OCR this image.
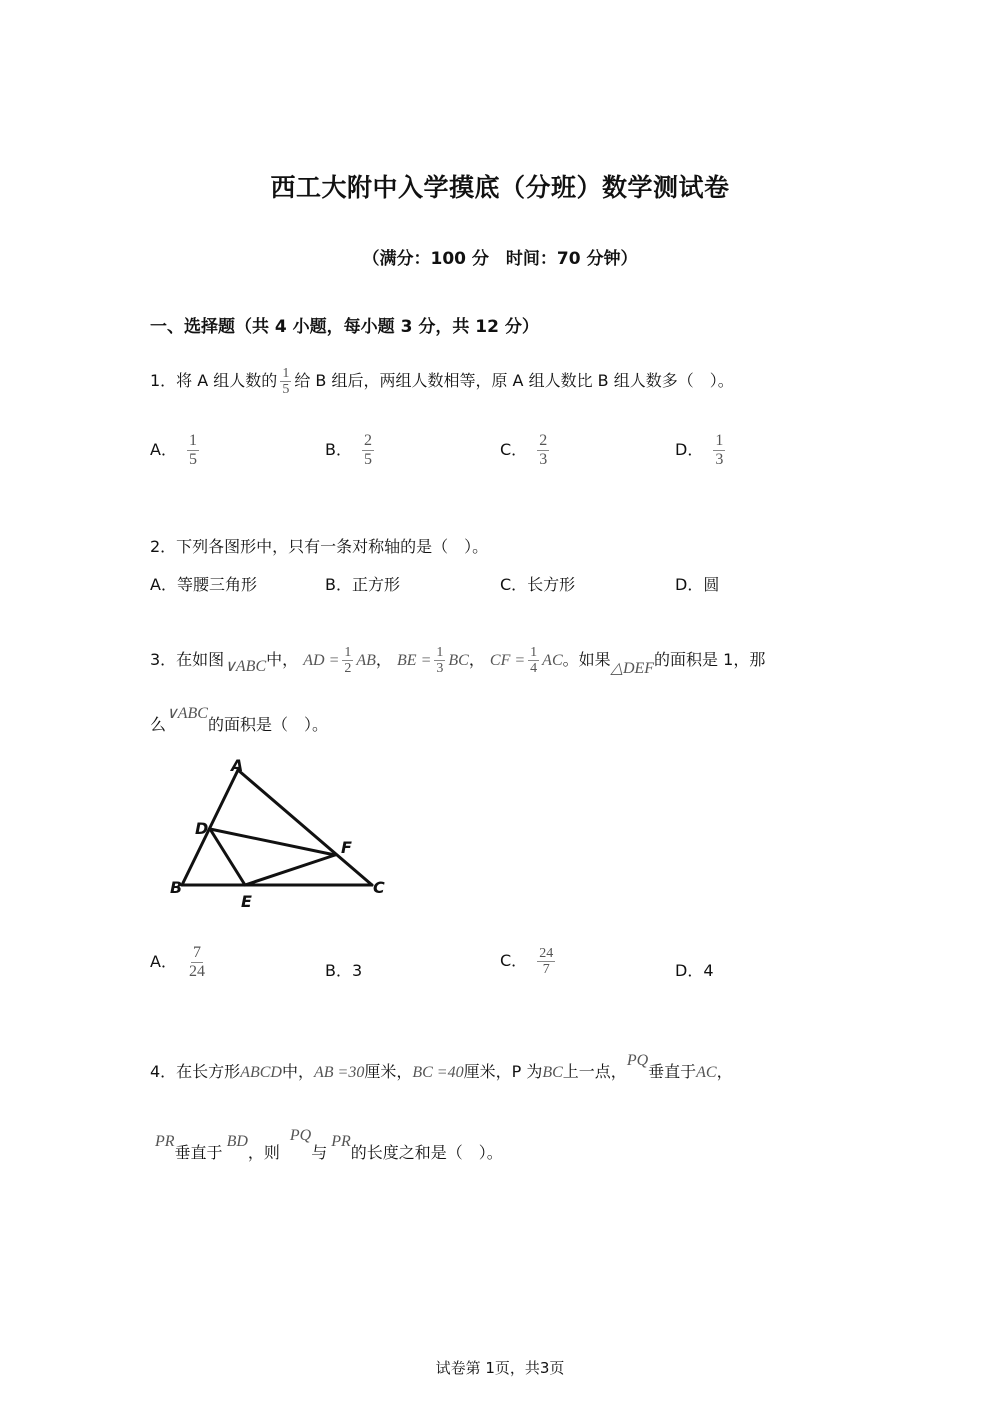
西工大附中入学摸底（分班）数学测试卷
（满分：100 分　时间：70 分钟）
一、选择题（共 4 小题，每小题 3 分，共 12 分）
1．将 A 组人数的 $\frac{1}{5}$ 给 B 组后，两组人数相等，原 A 组人数比 B 组人数多（　）。
A． $\frac{1}{5}$	B． $\frac{2}{5}$	C． $\frac{2}{3}$	D． $\frac{1}{3}$
2．下列各图形中，只有一条对称轴的是（　）。
A．等腰三角形	B．正方形	C．长方形	D．圆
3．在如图∨ABC中， AD = $\frac{1}{2}$ AB， BE = $\frac{1}{3}$ BC， CF = $\frac{1}{4}$ AC。如果△DEF的面积是 1，那
么∨ABC的面积是（　）。
A
D
F
B
E
C
A． $\frac{7}{24}$	B．3
C． $\frac{24}{7}$	D．4
4．在长方形ABCD中，AB =30厘米，BC =40厘米，P 为BC上一点，PQ垂直于AC，
PR垂直于BD，则PQ与PR的长度之和是（　）。
试卷第 1页，共3页
